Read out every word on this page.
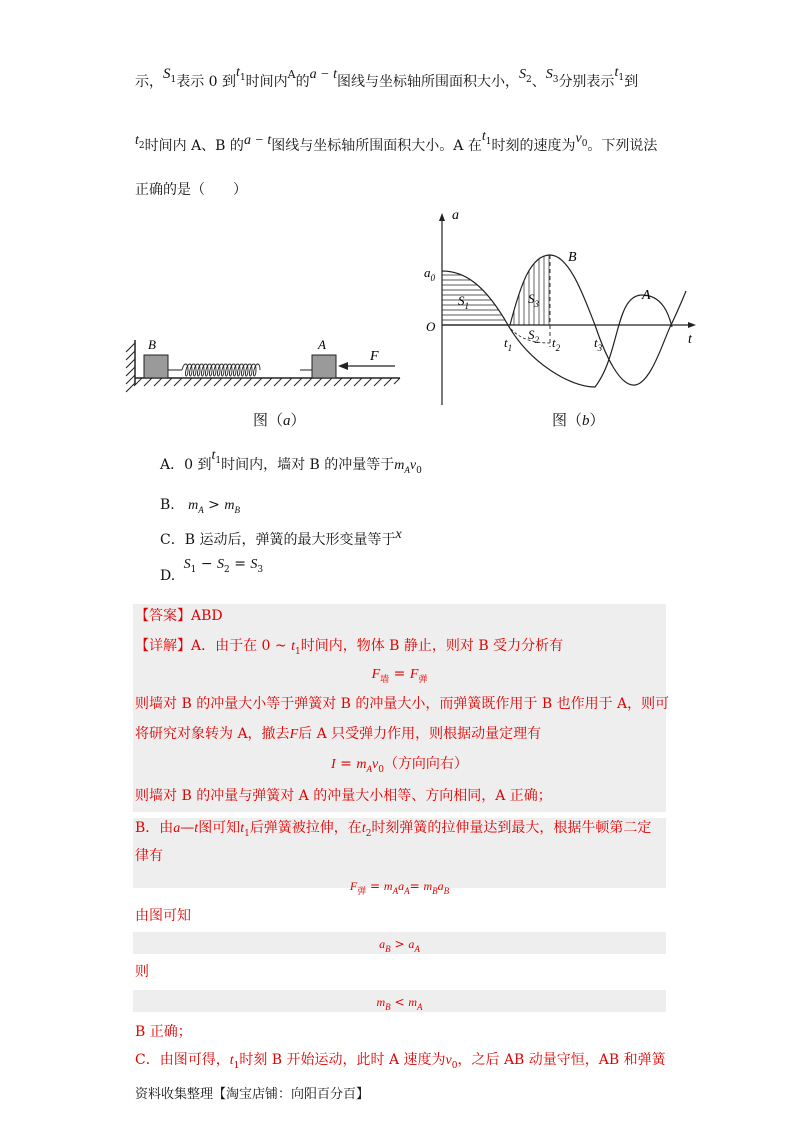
示，$S^1$表示 0 到$t^1$时间内$^A$的a − t图线与坐标轴所围面积大小，$S^2$、$S^3$分别表示$t^1$到
t2时间内 A、B 的a − t图线与坐标轴所围面积大小。A 在$t^1$时刻的速度为$v^0$。下列说法
正确的是（　　）
B	A
F
图（a）
a
t
O
$a_0$
B
A
$S_1$	$S_3$
$S_2$
$t_1$	$t_2$	$t_3$
图（b）
A．0 到$t^1$时间内，墙对 B 的冲量等于$m_Av_0$
B. $m_A > m_B$
C．B 运动后，弹簧的最大形变量等于x
D. $S_1 - S_2 = S_3$
【答案】ABD
【详解】A．由于在 0 ~ $t_1$时间内，物体 B 静止，则对 B 受力分析有
$F_墙 = F_弹$
则墙对 B 的冲量大小等于弹簧对 B 的冲量大小，而弹簧既作用于 B 也作用于 A，则可
将研究对象转为 A，撤去F后 A 只受弹力作用，则根据动量定理有
$I = m_Av_0$（方向向右）
则墙对 B 的冲量与弹簧对 A 的冲量大小相等、方向相同，A 正确；
B．由a—t图可知$t_1$后弹簧被拉伸，在$t_2$时刻弹簧的拉伸量达到最大，根据牛顿第二定
律有
$F_弹 = m_Aa_A= m_Ba_B$
由图可知
$a_B > a_A$
则
$m_B < m_A$
B 正确；
C．由图可得，$t_1$时刻 B 开始运动，此时 A 速度为$v_0$，之后 AB 动量守恒，AB 和弹簧
资料收集整理【淘宝店铺：向阳百分百】
